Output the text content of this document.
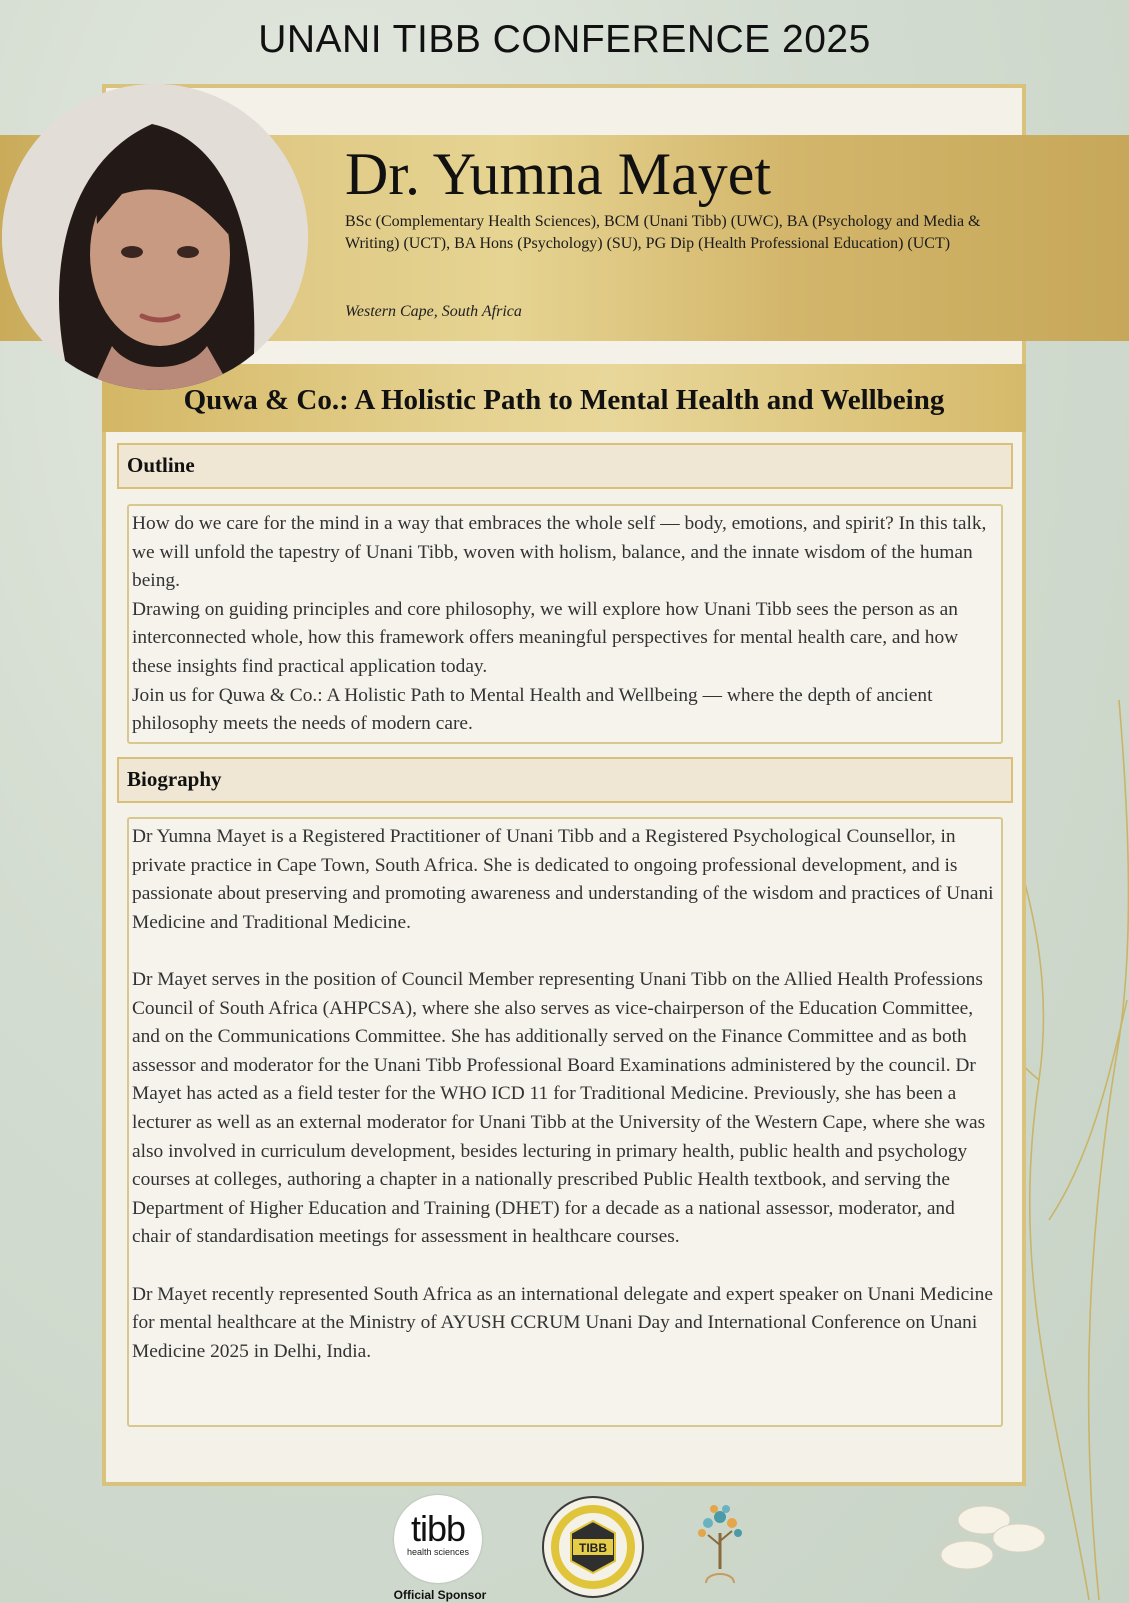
UNANI TIBB CONFERENCE 2025
Dr. Yumna Mayet
BSc (Complementary Health Sciences), BCM (Unani Tibb) (UWC), BA (Psychology and Media & Writing) (UCT), BA Hons (Psychology) (SU), PG Dip (Health Professional Education) (UCT)
Western Cape, South Africa
Quwa & Co.: A Holistic Path to Mental Health and Wellbeing
Outline

How do we care for the mind in a way that embraces the whole self — body, emotions, and spirit? In this talk, we will unfold the tapestry of Unani Tibb, woven with holism, balance, and the innate wisdom of the human being.

Drawing on guiding principles and core philosophy, we will explore how Unani Tibb sees the person as an interconnected whole, how this framework offers meaningful perspectives for mental health care, and how these insights find practical application today.

Join us for Quwa & Co.: A Holistic Path to Mental Health and Wellbeing — where the depth of ancient philosophy meets the needs of modern care.

Biography

Dr Yumna Mayet is a Registered Practitioner of Unani Tibb and a Registered Psychological Counsellor, in private practice in Cape Town, South Africa. She is dedicated to ongoing professional development, and is passionate about preserving and promoting awareness and understanding of the wisdom and practices of Unani Medicine and Traditional Medicine.

Dr Mayet serves in the position of Council Member representing Unani Tibb on the Allied Health Professions Council of South Africa (AHPCSA), where she also serves as vice-chairperson of the Education Committee, and on the Communications Committee. She has additionally served on the Finance Committee and as both assessor and moderator for the Unani Tibb Professional Board Examinations administered by the council. Dr Mayet has acted as a field tester for the WHO ICD 11 for Traditional Medicine. Previously, she has been a lecturer as well as an external moderator for Unani Tibb at the University of the Western Cape, where she was also involved in curriculum development, besides lecturing in primary health, public health and psychology courses at colleges, authoring a chapter in a nationally prescribed Public Health textbook, and serving the Department of Higher Education and Training (DHET) for a decade as a national assessor, moderator, and chair of standardisation meetings for assessment in healthcare courses.

Dr Mayet recently represented South Africa as an international delegate and expert speaker on Unani Medicine for mental healthcare at the Ministry of AYUSH CCRUM Unani Day and International Conference on Unani Medicine 2025 in Delhi, India.

tibb
health sciences
Official Sponsor
TIBB
